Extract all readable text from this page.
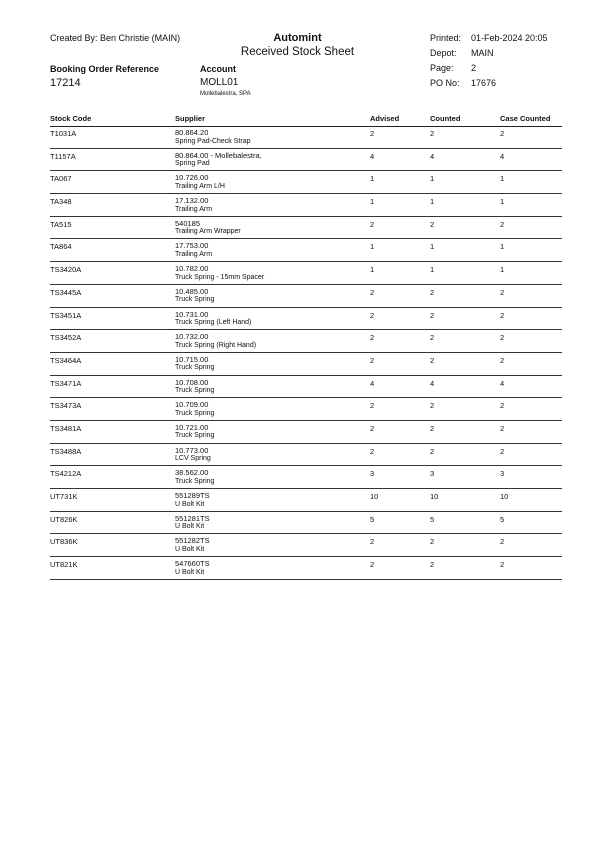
Created By: Ben Christie (MAIN)	Automint
Received Stock Sheet
Printed: 01-Feb-2024 20:05
Depot: MAIN
Page: 2
PO No: 17676
Booking Order Reference
17214
Account
MOLL01
Mollebalestra, SPA
Stock Code	Supplier	Advised	Counted	Case Counted
T1031A	80.864.20
Spring Pad-Check Strap
2	2	2
T1157A	80.864.00 - Mollebalestra,
Spring Pad
4	4	4
TA067	10.726.00
Trailing Arm L/H
1	1	1
TA348	17.132.00
Trailing Arm
1	1	1
TA515	540185
Trailing Arm Wrapper
2	2	2
TA864	17.753.00
Trailing Arm
1	1	1
TS3420A	10.782.00
Truck Spring - 15mm Spacer
1	1	1
TS3445A	10.485.00
Truck Spring
2	2	2
TS3451A	10.731.00
Truck Spring (Left Hand)
2	2	2
TS3452A	10.732.00
Truck Spring (Right Hand)
2	2	2
TS3464A	10.715.00
Truck Spring
2	2	2
TS3471A	10.708.00
Truck Spring
4	4	4
TS3473A	10.709.00
Truck Spring
2	2	2
TS3481A	10.721.00
Truck Spring
2	2	2
TS3488A	10.773.00
LCV Spring
2	2	2
TS4212A	38.562.00
Truck Spring
3	3	3
UT731K	551289TS
U Bolt Kit
10	10	10
UT826K	551281TS
U Bolt Kit
5	5	5
UT836K	551282TS
U Bolt Kit
2	2	2
UT821K	547660TS
U Bolt Kit
2	2	2
